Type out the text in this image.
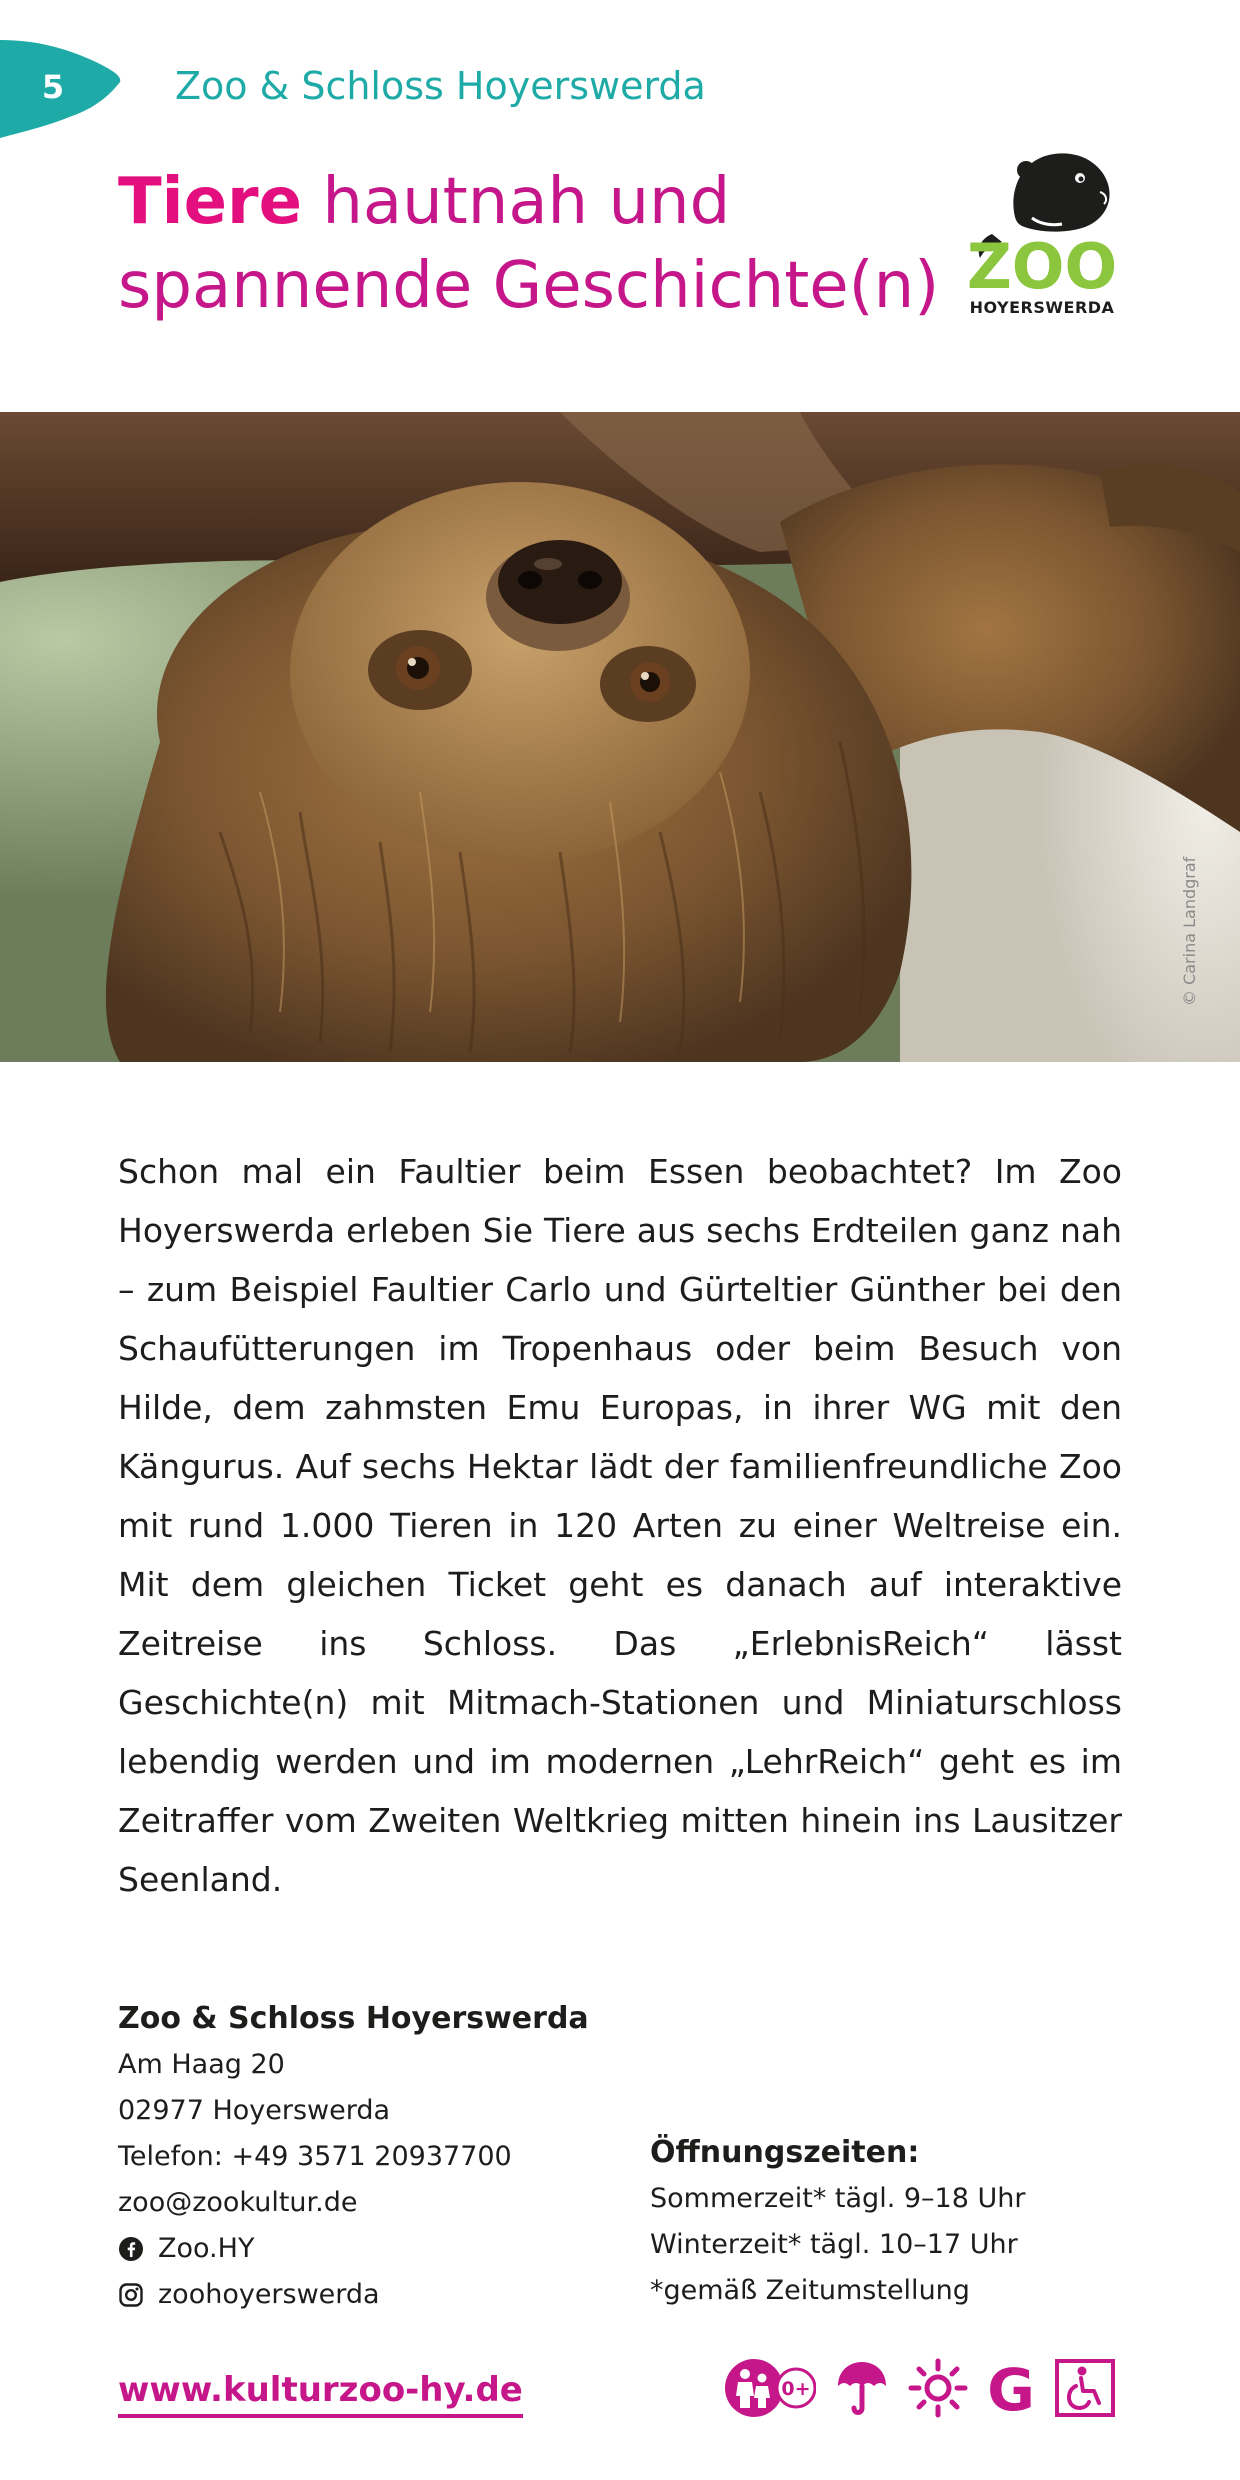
5	Zoo & Schloss Hoyerswerda
Tiere hautnah und
spannende Geschichte(n) ZOO
HOYERSWERDA
© Carina Landgraf

Schon mal ein Faultier beim Essen beobachtet? Im Zoo Hoyerswerda erleben Sie Tiere aus sechs Erdteilen ganz nah – zum Beispiel Faultier Carlo und Gürteltier Günther bei den Schaufütterungen im Tropenhaus oder beim Besuch von Hilde, dem zahmsten Emu Europas, in ihrer WG mit den Kängurus. Auf sechs Hektar lädt der familienfreundliche Zoo mit rund 1.000 Tieren in 120 Arten zu einer Weltreise ein. Mit dem gleichen Ticket geht es danach auf interaktive Zeitreise ins Schloss. Das „ErlebnisReich“ lässt Geschichte(n) mit Mitmach-Stationen und Miniaturschloss lebendig werden und im modernen „LehrReich“ geht es im Zeitraffer vom Zweiten Weltkrieg mitten hinein ins Lausitzer Seenland.

Zoo & Schloss Hoyerswerda
Am Haag 20
02977 Hoyerswerda
Telefon: +49 3571 20937700
zoo@zookultur.de
Zoo.HY
zoohoyerswerda
Öffnungszeiten:
Sommerzeit* tägl. 9–18 Uhr
Winterzeit* tägl. 10–17 Uhr
*gemäß Zeitumstellung
www.kulturzoo-hy.de	0+	G
